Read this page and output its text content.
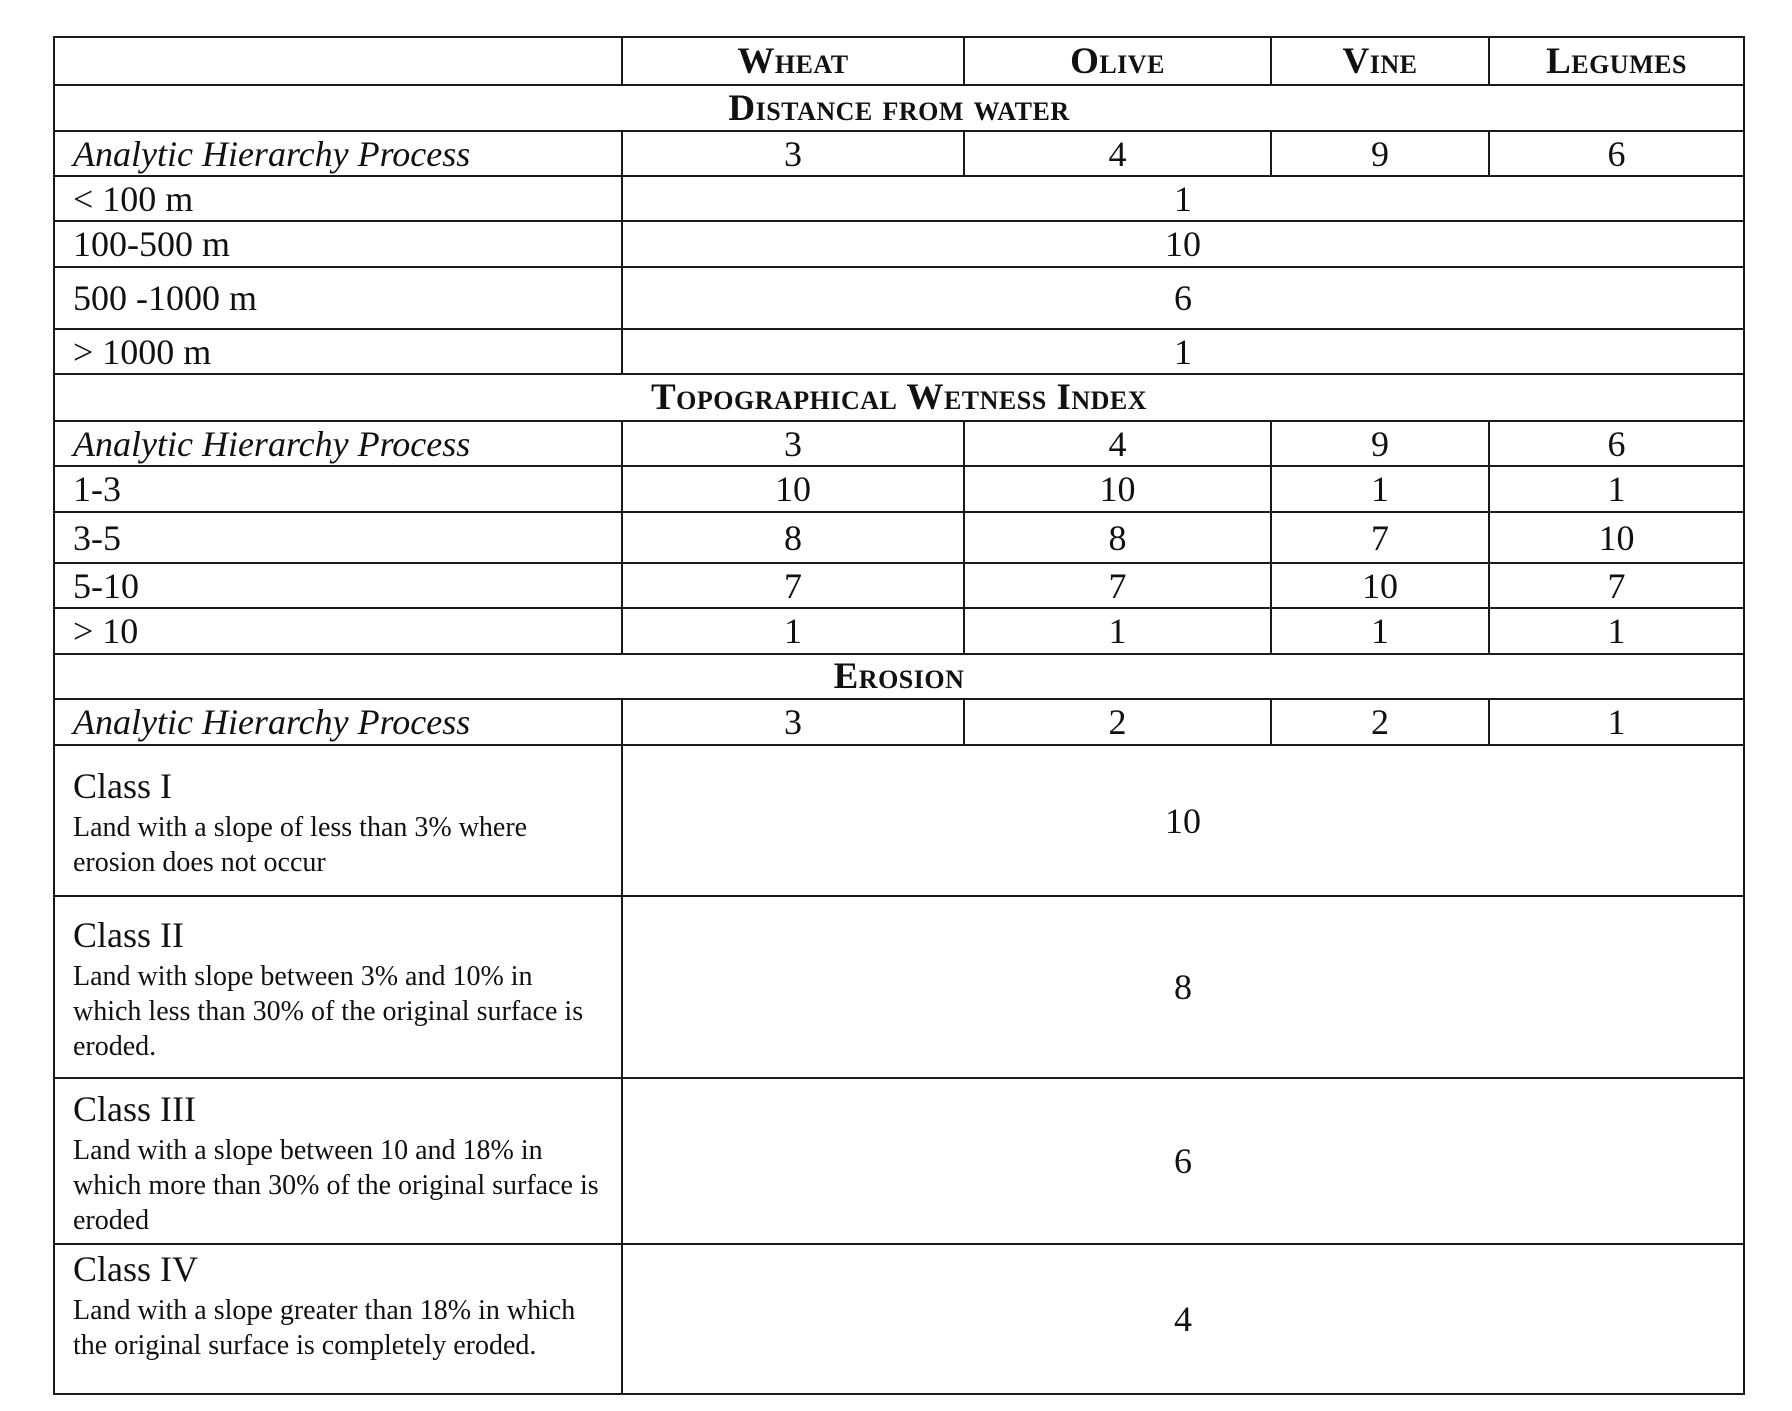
	Wheat	Olive	Vine	Legumes
Distance from water				
Analytic Hierarchy Process	3	4	9	6
< 100 m	1			
100-500 m	10			
500 -1000 m	6			
> 1000 m	1			
Topographical Wetness Index				
Analytic Hierarchy Process	3	4	9	6
1-3	10	10	1	1
3-5	8	8	7	10
5-10	7	7	10	7
> 10	1	1	1	1
Erosion				
Analytic Hierarchy Process	3	2	2	1

Class I
Land with a slope of less than 3% where erosion does not occur	10			

Class II
Land with slope between 3% and 10% in which less than 30% of the original surface is eroded.	8			

Class III
Land with a slope between 10 and 18% in which more than 30% of the original surface is eroded	6			

Class IV
Land with a slope greater than 18% in which the original surface is completely eroded.	4			
